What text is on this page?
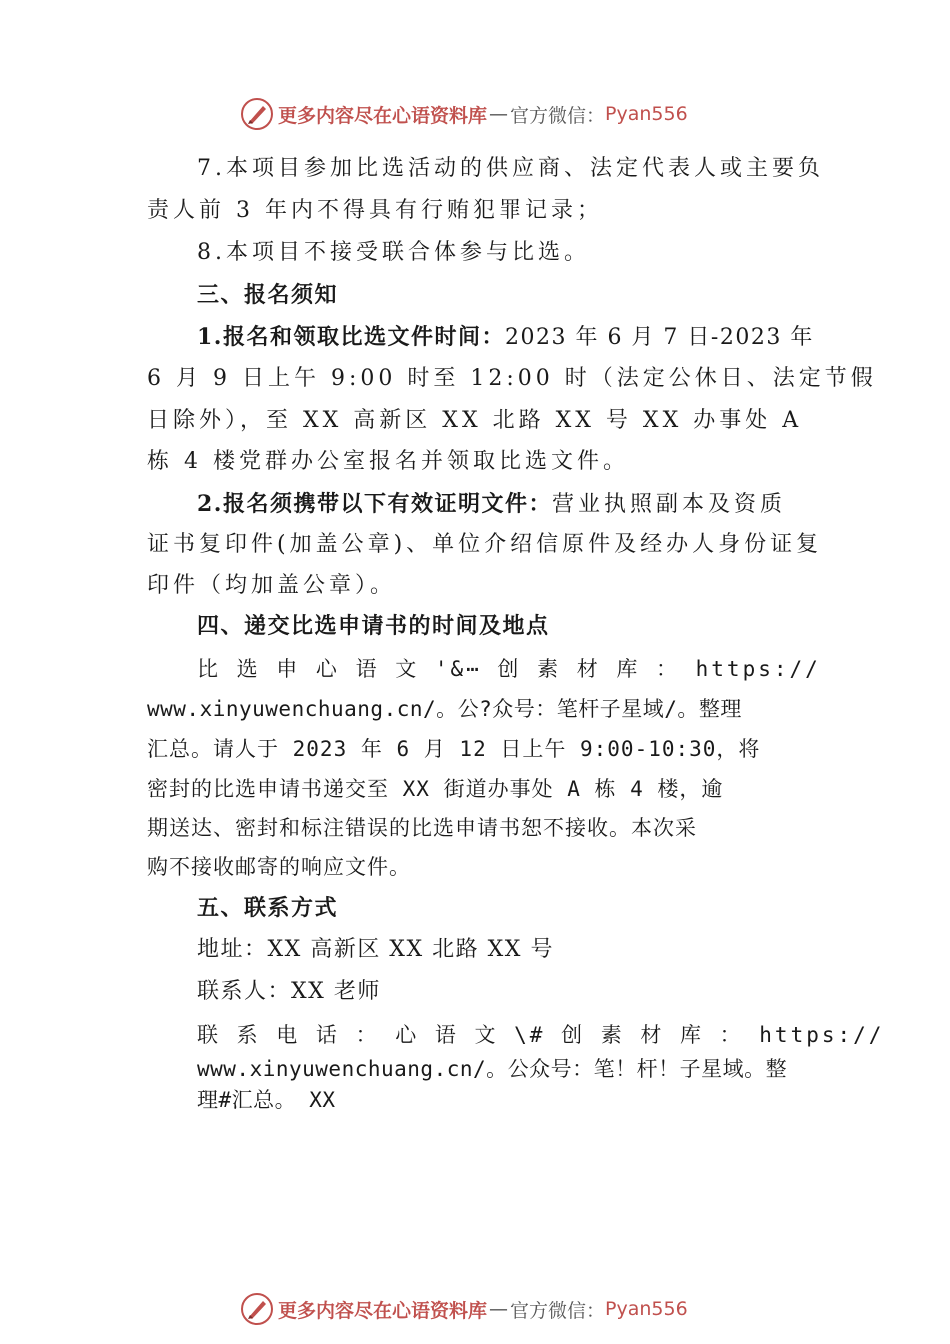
更多内容尽在心语资料库 — 官方微信： Pyan556
7.本项目参加比选活动的供应商、法定代表人或主要负
责人前 3 年内不得具有行贿犯罪记录；
8.本项目不接受联合体参与比选。
三、报名须知
1.报名和领取比选文件时间：2023 年 6 月 7 日-2023 年
6 月 9 日上午 9:00 时至 12:00 时（法定公休日、法定节假
日除外），至 XX 高新区 XX 北路 XX 号 XX 办事处 A
栋 4 楼党群办公室报名并领取比选文件。
2.报名须携带以下有效证明文件：营业执照副本及资质
证书复印件(加盖公章)、单位介绍信原件及经办人身份证复
印件（均加盖公章）。
四、递交比选申请书的时间及地点
比 选 申 心 语 文 '&⋯ 创 素 材 库 ： https://
www.xinyuwenchuang.cn/。公?众号：笔杆子星域/。整理
汇总。请人于 2023 年 6 月 12 日上午 9:00-10:30，将
密封的比选申请书递交至 XX 街道办事处 A 栋 4 楼，逾
期送达、密封和标注错误的比选申请书恕不接收。本次采
购不接收邮寄的响应文件。
五、联系方式
地址：XX 高新区 XX 北路 XX 号
联系人：XX 老师
联 系 电 话 ： 心 语 文 \# 创 素 材 库 ： https://
www.xinyuwenchuang.cn/。公众号：笔！杆！子星域。整
理#汇总。 XX
更多内容尽在心语资料库 — 官方微信： Pyan556
